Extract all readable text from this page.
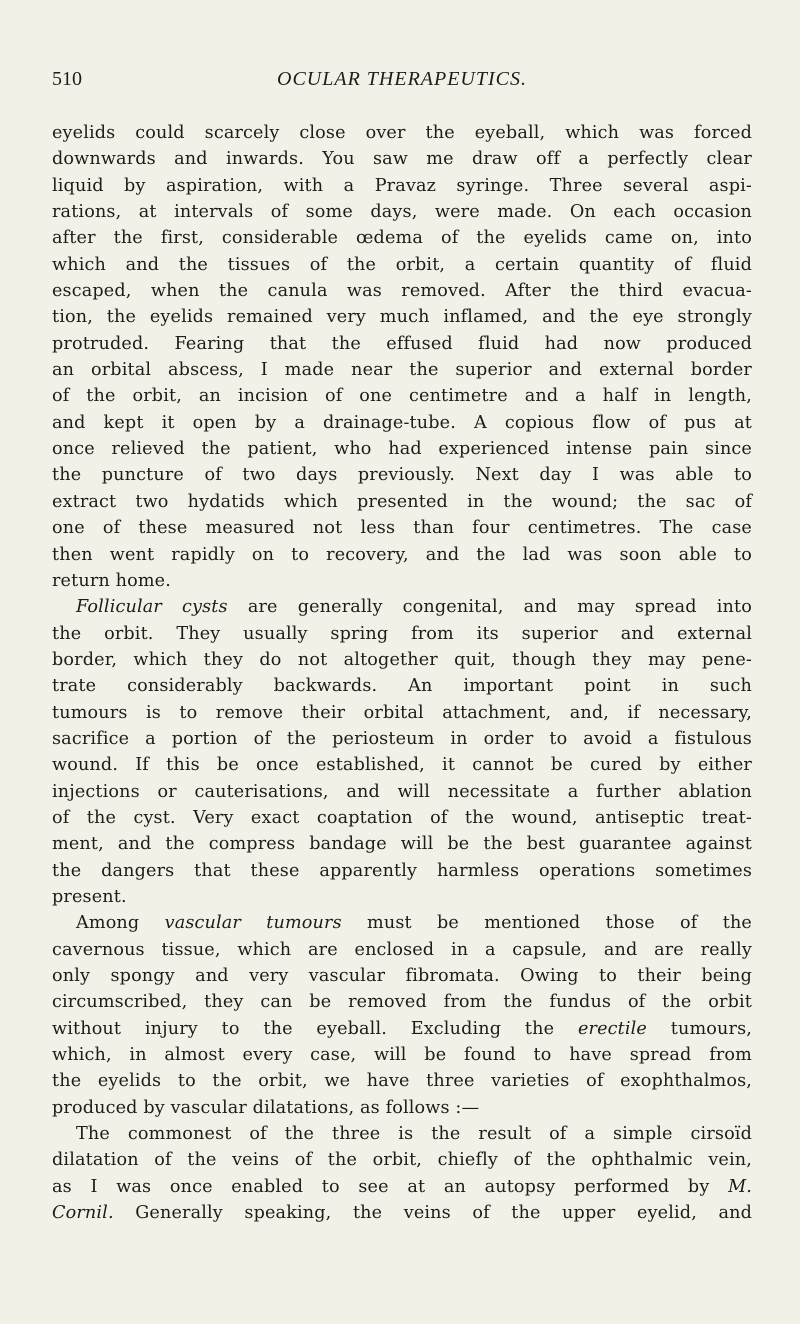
510	OCULAR THERAPEUTICS.
eyelids could scarcely close over the eyeball, which was forced
downwards and inwards. You saw me draw off a perfectly clear
liquid by aspiration, with a Pravaz syringe. Three several aspi-
rations, at intervals of some days, were made. On each occasion
after the first, considerable œdema of the eyelids came on, into
which and the tissues of the orbit, a certain quantity of fluid
escaped, when the canula was removed. After the third evacua-
tion, the eyelids remained very much inflamed, and the eye strongly
protruded. Fearing that the effused fluid had now produced
an orbital abscess, I made near the superior and external border
of the orbit, an incision of one centimetre and a half in length,
and kept it open by a drainage-tube. A copious flow of pus at
once relieved the patient, who had experienced intense pain since
the puncture of two days previously. Next day I was able to
extract two hydatids which presented in the wound; the sac of
one of these measured not less than four centimetres. The case
then went rapidly on to recovery, and the lad was soon able to
return home.
Follicular cysts are generally congenital, and may spread into
the orbit. They usually spring from its superior and external
border, which they do not altogether quit, though they may pene-
trate considerably backwards. An important point in such
tumours is to remove their orbital attachment, and, if necessary,
sacrifice a portion of the periosteum in order to avoid a fistulous
wound. If this be once established, it cannot be cured by either
injections or cauterisations, and will necessitate a further ablation
of the cyst. Very exact coaptation of the wound, antiseptic treat-
ment, and the compress bandage will be the best guarantee against
the dangers that these apparently harmless operations sometimes
present.
Among vascular tumours must be mentioned those of the
cavernous tissue, which are enclosed in a capsule, and are really
only spongy and very vascular fibromata. Owing to their being
circumscribed, they can be removed from the fundus of the orbit
without injury to the eyeball. Excluding the erectile tumours,
which, in almost every case, will be found to have spread from
the eyelids to the orbit, we have three varieties of exophthalmos,
produced by vascular dilatations, as follows :—
The commonest of the three is the result of a simple cirsoïd
dilatation of the veins of the orbit, chiefly of the ophthalmic vein,
as I was once enabled to see at an autopsy performed by M.
Cornil. Generally speaking, the veins of the upper eyelid, and
